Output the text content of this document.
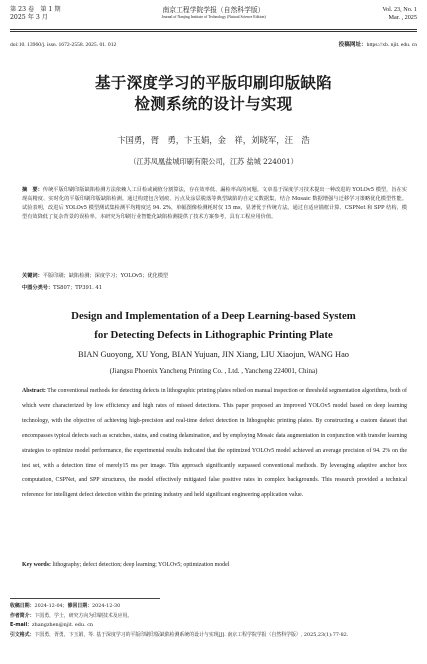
第 23 卷　第 1 期
2025 年 3 月
南京工程学院学报（自然科学版）
Journal of Nanjing Institute of Technology (Natural Science Edition)
Vol. 23, No. 1
Mar. , 2025
doi:10. 13960/j. issn. 1672-2558. 2025. 01. 012	投稿网址：https://xb. njit. edu. cn
基于深度学习的平版印刷印版缺陷
检测系统的设计与实现
卞国勇，胥　勇，卞玉娟，金　祥，刘晓军，汪　浩
（江苏凤凰盐城印刷有限公司，江苏 盐城 224001）
摘　要：传统平版印刷印版缺陷检测方法依赖人工目检或阈值分割算法，存在效率低、漏检率高的问题。文章基于深度学习技术提出一种改进的 YOLOv5 模型，旨在实现高精度、实时化的平版印刷印版缺陷检测。通过构建包含划痕、污点及涂层脱落等典型缺陷的自定义数据集，结合 Mosaic 数据增强与迁移学习策略优化模型性能。试验表明，改进后 YOLOv5 模型测试集检测平均精度达 94. 2%，单幅图像检测耗时仅 15 ms，显著优于传统方法。通过自适应锚框计算、CSPNet 和 SPP 结构，模型有效降低了复杂背景的误检率。本研究为印刷行业智能化缺陷检测提供了技术方案参考，具有工程应用价值。
关键词：平版印刷；缺陷检测；深度学习；YOLOv5；优化模型
中图分类号：TS807；TP391. 41
Design and Implementation of a Deep Learning-based System
for Detecting Defects in Lithographic Printing Plate
BIAN Guoyong, XU Yong, BIAN Yujuan, JIN Xiang, LIU Xiaojun, WANG Hao
(Jiangsu Phoenix Yancheng Printing Co. , Ltd. , Yancheng 224001, China)
Abstract: The conventional methods for detecting defects in lithographic printing plates relied on manual inspection or threshold segmentation algorithms, both of which were characterized by low efficiency and high rates of missed detections. This paper proposed an improved YOLOv5 model based on deep learning technology, with the objective of achieving high-precision and real-time defect detection in lithographic printing plates. By constructing a custom dataset that encompasses typical defects such as scratches, stains, and coating delamination, and by employing Mosaic data augmentation in conjunction with transfer learning strategies to optimize model performance, the experimental results indicated that the optimized YOLOv5 model achieved an average precision of 94. 2% on the test set, with a detection time of merely15 ms per image. This approach significantly surpassed conventional methods. By leveraging adaptive anchor box computation, CSPNet, and SPP structures, the model effectively mitigated false positive rates in complex backgrounds. This research provided a technical reference for intelligent defect detection within the printing industry and held significant engineering application value.
Key words: lithography; defect detection; deep learning; YOLOv5; optimization model
收稿日期：2024-12-04；修回日期：2024-12-30
作者简介：卞国勇，学士，研究方向为印刷技术及应用。
E-mail：zhangzhen@njit. edu. cn
引文格式：卞国勇，胥勇，卞玉娟，等. 基于深度学习的平版印刷印版缺陷检测系统的设计与实现[J]. 南京工程学院学报（自然科学版）, 2025,23(1):77-82.
